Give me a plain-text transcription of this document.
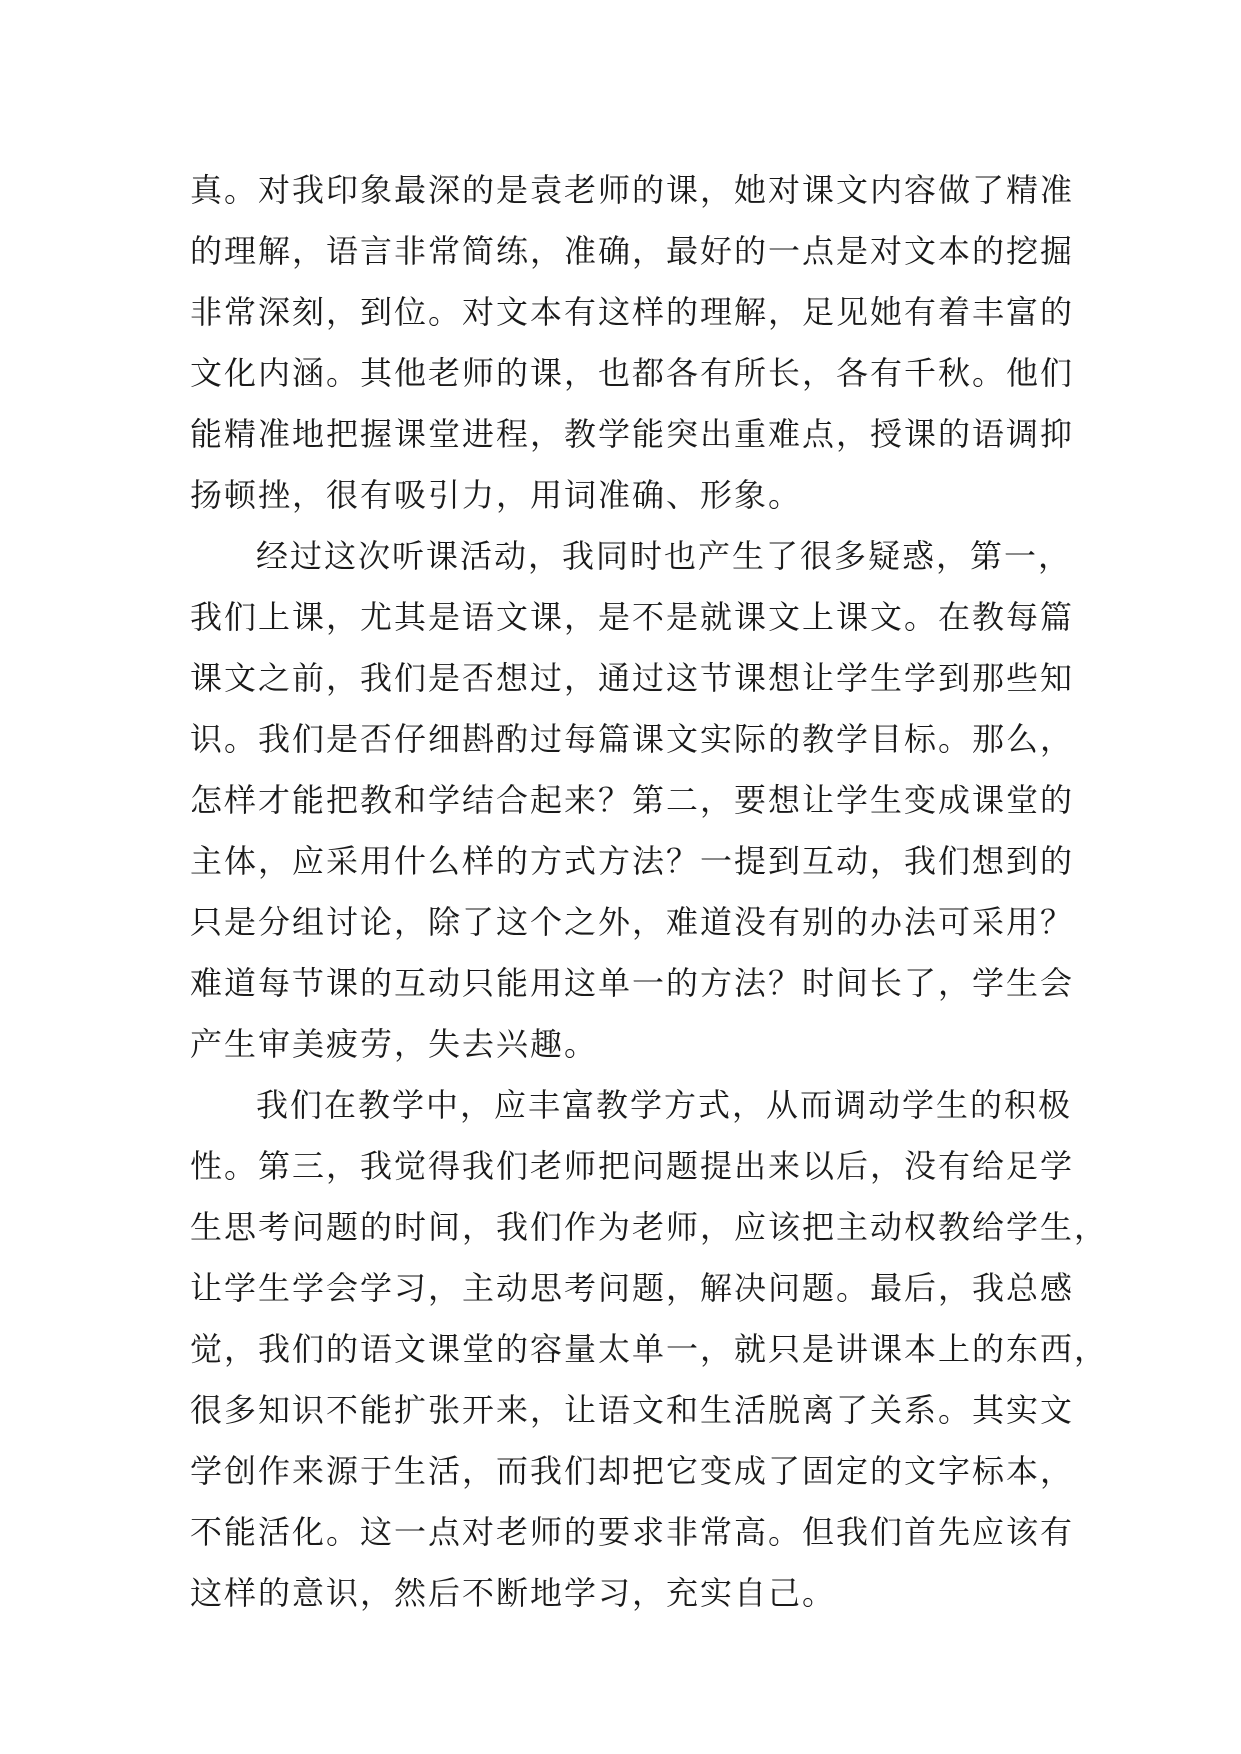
真。对我印象最深的是袁老师的课，她对课文内容做了精准
的理解，语言非常简练，准确，最好的一点是对文本的挖掘
非常深刻，到位。对文本有这样的理解，足见她有着丰富的
文化内涵。其他老师的课，也都各有所长，各有千秋。他们
能精准地把握课堂进程，教学能突出重难点，授课的语调抑
扬顿挫，很有吸引力，用词准确、形象。
经过这次听课活动，我同时也产生了很多疑惑，第一，
我们上课，尤其是语文课，是不是就课文上课文。在教每篇
课文之前，我们是否想过，通过这节课想让学生学到那些知
识。我们是否仔细斟酌过每篇课文实际的教学目标。那么，
怎样才能把教和学结合起来？第二，要想让学生变成课堂的
主体，应采用什么样的方式方法？一提到互动，我们想到的
只是分组讨论，除了这个之外，难道没有别的办法可采用？
难道每节课的互动只能用这单一的方法？时间长了，学生会
产生审美疲劳，失去兴趣。
我们在教学中，应丰富教学方式，从而调动学生的积极
性。第三，我觉得我们老师把问题提出来以后，没有给足学
生思考问题的时间，我们作为老师，应该把主动权教给学生，
让学生学会学习，主动思考问题，解决问题。最后，我总感
觉，我们的语文课堂的容量太单一，就只是讲课本上的东西，
很多知识不能扩张开来，让语文和生活脱离了关系。其实文
学创作来源于生活，而我们却把它变成了固定的文字标本，
不能活化。这一点对老师的要求非常高。但我们首先应该有
这样的意识，然后不断地学习，充实自己。
